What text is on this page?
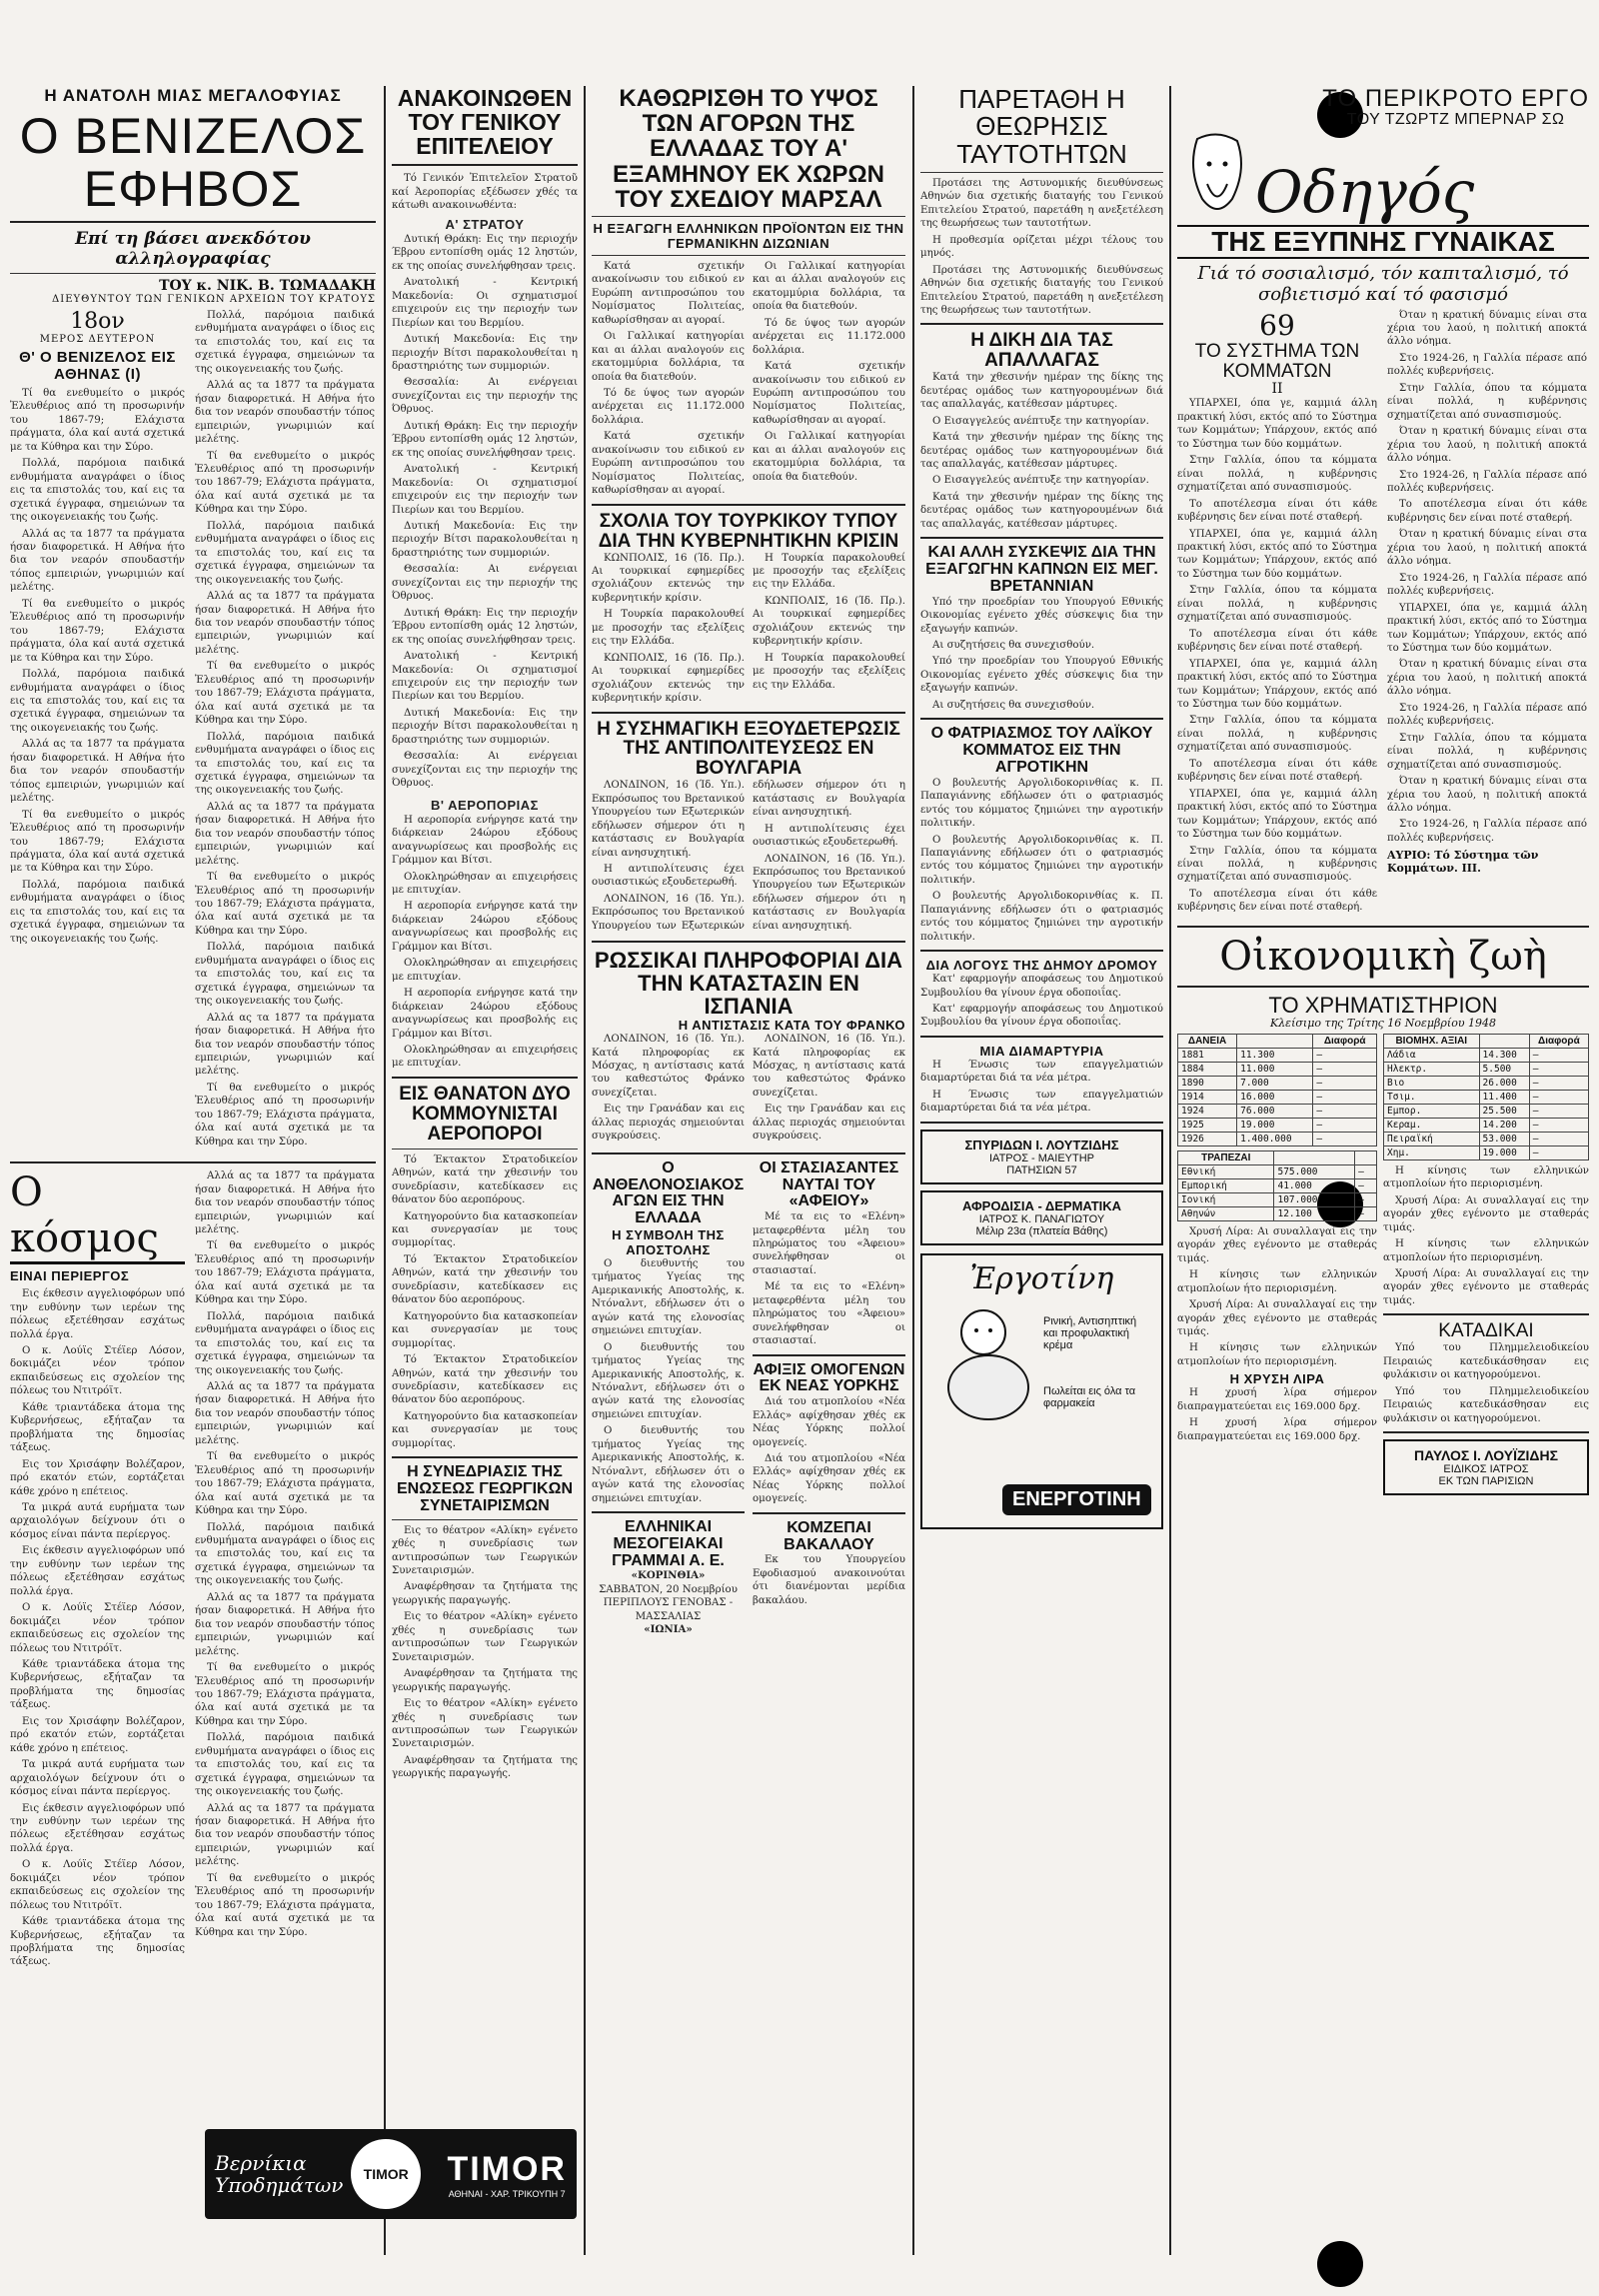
Η ΑΝΑΤΟΛΗ ΜΙΑΣ ΜΕΓΑΛΟΦΥΙΑΣ
Ο ΒΕΝΙΖΕΛΟΣ ΕΦΗΒΟΣ
Επί τη βάσει ανεκδότου αλληλογραφίας
ΤΟΥ κ. ΝΙΚ. Β. ΤΩΜΑΔΑΚΗ
ΔΙΕΥΘΥΝΤΟΥ ΤΩΝ ΓΕΝΙΚΩΝ ΑΡΧΕΙΩΝ ΤΟΥ ΚΡΑΤΟΥΣ
18ον
ΜΕΡΟΣ ΔΕΥΤΕΡΟΝ
Θ' Ο ΒΕΝΙΖΕΛΟΣ ΕΙΣ ΑΘΗΝΑΣ (I)

Τί θα ενεθυμείτο ο μικρός Ἐλευθέριος από τη προσωρινήν του 1867-79; Ελάχιστα πράγματα, όλα καί αυτά σχετικά με τα Κύθηρα και την Σύρο.

Πολλά, παρόμοια παιδικά ενθυμήματα αναγράφει ο ίδιος εις τα επιστολάς του, καί εις τα σχετικά έγγραφα, σημειώνων τα της οικογενειακής του ζωής.

Αλλά ας τα 1877 τα πράγματα ήσαν διαφορετικά. Η Αθήνα ήτο δια τον νεαρόν σπουδαστήν τόπος εμπειριών, γνωριμιών καί μελέτης.

Τί θα ενεθυμείτο ο μικρός Ἐλευθέριος από τη προσωρινήν του 1867-79; Ελάχιστα πράγματα, όλα καί αυτά σχετικά με τα Κύθηρα και την Σύρο.

Πολλά, παρόμοια παιδικά ενθυμήματα αναγράφει ο ίδιος εις τα επιστολάς του, καί εις τα σχετικά έγγραφα, σημειώνων τα της οικογενειακής του ζωής.

Αλλά ας τα 1877 τα πράγματα ήσαν διαφορετικά. Η Αθήνα ήτο δια τον νεαρόν σπουδαστήν τόπος εμπειριών, γνωριμιών καί μελέτης.

Τί θα ενεθυμείτο ο μικρός Ἐλευθέριος από τη προσωρινήν του 1867-79; Ελάχιστα πράγματα, όλα καί αυτά σχετικά με τα Κύθηρα και την Σύρο.

Πολλά, παρόμοια παιδικά ενθυμήματα αναγράφει ο ίδιος εις τα επιστολάς του, καί εις τα σχετικά έγγραφα, σημειώνων τα της οικογενειακής του ζωής.

Πολλά, παρόμοια παιδικά ενθυμήματα αναγράφει ο ίδιος εις τα επιστολάς του, καί εις τα σχετικά έγγραφα, σημειώνων τα της οικογενειακής του ζωής.

Αλλά ας τα 1877 τα πράγματα ήσαν διαφορετικά. Η Αθήνα ήτο δια τον νεαρόν σπουδαστήν τόπος εμπειριών, γνωριμιών καί μελέτης.

Τί θα ενεθυμείτο ο μικρός Ἐλευθέριος από τη προσωρινήν του 1867-79; Ελάχιστα πράγματα, όλα καί αυτά σχετικά με τα Κύθηρα και την Σύρο.

Πολλά, παρόμοια παιδικά ενθυμήματα αναγράφει ο ίδιος εις τα επιστολάς του, καί εις τα σχετικά έγγραφα, σημειώνων τα της οικογενειακής του ζωής.

Αλλά ας τα 1877 τα πράγματα ήσαν διαφορετικά. Η Αθήνα ήτο δια τον νεαρόν σπουδαστήν τόπος εμπειριών, γνωριμιών καί μελέτης.

Τί θα ενεθυμείτο ο μικρός Ἐλευθέριος από τη προσωρινήν του 1867-79; Ελάχιστα πράγματα, όλα καί αυτά σχετικά με τα Κύθηρα και την Σύρο.

Πολλά, παρόμοια παιδικά ενθυμήματα αναγράφει ο ίδιος εις τα επιστολάς του, καί εις τα σχετικά έγγραφα, σημειώνων τα της οικογενειακής του ζωής.

Αλλά ας τα 1877 τα πράγματα ήσαν διαφορετικά. Η Αθήνα ήτο δια τον νεαρόν σπουδαστήν τόπος εμπειριών, γνωριμιών καί μελέτης.

Τί θα ενεθυμείτο ο μικρός Ἐλευθέριος από τη προσωρινήν του 1867-79; Ελάχιστα πράγματα, όλα καί αυτά σχετικά με τα Κύθηρα και την Σύρο.

Πολλά, παρόμοια παιδικά ενθυμήματα αναγράφει ο ίδιος εις τα επιστολάς του, καί εις τα σχετικά έγγραφα, σημειώνων τα της οικογενειακής του ζωής.

Αλλά ας τα 1877 τα πράγματα ήσαν διαφορετικά. Η Αθήνα ήτο δια τον νεαρόν σπουδαστήν τόπος εμπειριών, γνωριμιών καί μελέτης.

Τί θα ενεθυμείτο ο μικρός Ἐλευθέριος από τη προσωρινήν του 1867-79; Ελάχιστα πράγματα, όλα καί αυτά σχετικά με τα Κύθηρα και την Σύρο.

Ο κόσμος
ΕΙΝΑΙ ΠΕΡΙΕΡΓΟΣ

Εις έκθεσιν αγγελιοφόρων υπό την ευθύνην των ιερέων της πόλεως εξετέθησαν εσχάτως πολλά έργα.

Ο κ. Λούϊς Στέϊερ Λόσον, δοκιμάζει νέον τρόπον εκπαιδεύσεως εις σχολείον της πόλεως του Ντιτρόϊτ.

Κάθε τριαντάδεκα άτομα της Κυβερνήσεως, εξήταζαν τα προβλήματα της δημοσίας τάξεως.

Εις τον Χρισάφην Βολέζαρον, πρό εκατόν ετών, εορτάζεται κάθε χρόνο η επέτειος.

Τα μικρά αυτά ευρήματα των αρχαιολόγων δείχνουν ότι ο κόσμος είναι πάντα περίεργος.

Εις έκθεσιν αγγελιοφόρων υπό την ευθύνην των ιερέων της πόλεως εξετέθησαν εσχάτως πολλά έργα.

Ο κ. Λούϊς Στέϊερ Λόσον, δοκιμάζει νέον τρόπον εκπαιδεύσεως εις σχολείον της πόλεως του Ντιτρόϊτ.

Κάθε τριαντάδεκα άτομα της Κυβερνήσεως, εξήταζαν τα προβλήματα της δημοσίας τάξεως.

Εις τον Χρισάφην Βολέζαρον, πρό εκατόν ετών, εορτάζεται κάθε χρόνο η επέτειος.

Τα μικρά αυτά ευρήματα των αρχαιολόγων δείχνουν ότι ο κόσμος είναι πάντα περίεργος.

Εις έκθεσιν αγγελιοφόρων υπό την ευθύνην των ιερέων της πόλεως εξετέθησαν εσχάτως πολλά έργα.

Ο κ. Λούϊς Στέϊερ Λόσον, δοκιμάζει νέον τρόπον εκπαιδεύσεως εις σχολείον της πόλεως του Ντιτρόϊτ.

Κάθε τριαντάδεκα άτομα της Κυβερνήσεως, εξήταζαν τα προβλήματα της δημοσίας τάξεως.

Αλλά ας τα 1877 τα πράγματα ήσαν διαφορετικά. Η Αθήνα ήτο δια τον νεαρόν σπουδαστήν τόπος εμπειριών, γνωριμιών καί μελέτης.

Τί θα ενεθυμείτο ο μικρός Ἐλευθέριος από τη προσωρινήν του 1867-79; Ελάχιστα πράγματα, όλα καί αυτά σχετικά με τα Κύθηρα και την Σύρο.

Πολλά, παρόμοια παιδικά ενθυμήματα αναγράφει ο ίδιος εις τα επιστολάς του, καί εις τα σχετικά έγγραφα, σημειώνων τα της οικογενειακής του ζωής.

Αλλά ας τα 1877 τα πράγματα ήσαν διαφορετικά. Η Αθήνα ήτο δια τον νεαρόν σπουδαστήν τόπος εμπειριών, γνωριμιών καί μελέτης.

Τί θα ενεθυμείτο ο μικρός Ἐλευθέριος από τη προσωρινήν του 1867-79; Ελάχιστα πράγματα, όλα καί αυτά σχετικά με τα Κύθηρα και την Σύρο.

Πολλά, παρόμοια παιδικά ενθυμήματα αναγράφει ο ίδιος εις τα επιστολάς του, καί εις τα σχετικά έγγραφα, σημειώνων τα της οικογενειακής του ζωής.

Αλλά ας τα 1877 τα πράγματα ήσαν διαφορετικά. Η Αθήνα ήτο δια τον νεαρόν σπουδαστήν τόπος εμπειριών, γνωριμιών καί μελέτης.

Τί θα ενεθυμείτο ο μικρός Ἐλευθέριος από τη προσωρινήν του 1867-79; Ελάχιστα πράγματα, όλα καί αυτά σχετικά με τα Κύθηρα και την Σύρο.

Πολλά, παρόμοια παιδικά ενθυμήματα αναγράφει ο ίδιος εις τα επιστολάς του, καί εις τα σχετικά έγγραφα, σημειώνων τα της οικογενειακής του ζωής.

Αλλά ας τα 1877 τα πράγματα ήσαν διαφορετικά. Η Αθήνα ήτο δια τον νεαρόν σπουδαστήν τόπος εμπειριών, γνωριμιών καί μελέτης.

Τί θα ενεθυμείτο ο μικρός Ἐλευθέριος από τη προσωρινήν του 1867-79; Ελάχιστα πράγματα, όλα καί αυτά σχετικά με τα Κύθηρα και την Σύρο.

ΑΝΑΚΟΙΝΩΘΕΝ ΤΟΥ ΓΕΝΙΚΟΥ ΕΠΙΤΕΛΕΙΟΥ

Τό Γενικόν Ἐπιτελεῖον Στρατοῦ καί Ἀεροπορίας εξέδωσεν χθές τα κάτωθι ανακοινωθέντα:

Α' ΣΤΡΑΤΟΥ

Δυτική Θράκη: Εις την περιοχήν Έβρου εντοπίσθη ομάς 12 ληστών, εκ της οποίας συνελήφθησαν τρεις.

Ανατολική - Κεντρική Μακεδονία: Οι σχηματισμοί επιχειρούν εις την περιοχήν των Πιερίων και του Βερμίου.

Δυτική Μακεδονία: Εις την περιοχήν Βίτσι παρακολουθείται η δραστηριότης των συμμοριών.

Θεσσαλία: Αι ενέργειαι συνεχίζονται εις την περιοχήν της Όθρυος.

Δυτική Θράκη: Εις την περιοχήν Έβρου εντοπίσθη ομάς 12 ληστών, εκ της οποίας συνελήφθησαν τρεις.

Ανατολική - Κεντρική Μακεδονία: Οι σχηματισμοί επιχειρούν εις την περιοχήν των Πιερίων και του Βερμίου.

Δυτική Μακεδονία: Εις την περιοχήν Βίτσι παρακολουθείται η δραστηριότης των συμμοριών.

Θεσσαλία: Αι ενέργειαι συνεχίζονται εις την περιοχήν της Όθρυος.

Δυτική Θράκη: Εις την περιοχήν Έβρου εντοπίσθη ομάς 12 ληστών, εκ της οποίας συνελήφθησαν τρεις.

Ανατολική - Κεντρική Μακεδονία: Οι σχηματισμοί επιχειρούν εις την περιοχήν των Πιερίων και του Βερμίου.

Δυτική Μακεδονία: Εις την περιοχήν Βίτσι παρακολουθείται η δραστηριότης των συμμοριών.

Θεσσαλία: Αι ενέργειαι συνεχίζονται εις την περιοχήν της Όθρυος.

Β' ΑΕΡΟΠΟΡΙΑΣ

Η αεροπορία ενήργησε κατά την διάρκειαν 24ώρου εξόδους αναγνωρίσεως και προσβολής εις Γράμμον και Βίτσι.

Ολοκληρώθησαν αι επιχειρήσεις με επιτυχίαν.

Η αεροπορία ενήργησε κατά την διάρκειαν 24ώρου εξόδους αναγνωρίσεως και προσβολής εις Γράμμον και Βίτσι.

Ολοκληρώθησαν αι επιχειρήσεις με επιτυχίαν.

Η αεροπορία ενήργησε κατά την διάρκειαν 24ώρου εξόδους αναγνωρίσεως και προσβολής εις Γράμμον και Βίτσι.

Ολοκληρώθησαν αι επιχειρήσεις με επιτυχίαν.

ΕΙΣ ΘΑΝΑΤΟΝ ΔΥΟ ΚΟΜΜΟΥΝΙΣΤΑΙ ΑΕΡΟΠΟΡΟΙ

Τό Έκτακτον Στρατοδικείον Αθηνών, κατά την χθεσινήν του συνεδρίασιν, κατεδίκασεν εις θάνατον δύο αεροπόρους.

Κατηγορούντο δια κατασκοπείαν και συνεργασίαν με τους συμμορίτας.

Τό Έκτακτον Στρατοδικείον Αθηνών, κατά την χθεσινήν του συνεδρίασιν, κατεδίκασεν εις θάνατον δύο αεροπόρους.

Κατηγορούντο δια κατασκοπείαν και συνεργασίαν με τους συμμορίτας.

Τό Έκτακτον Στρατοδικείον Αθηνών, κατά την χθεσινήν του συνεδρίασιν, κατεδίκασεν εις θάνατον δύο αεροπόρους.

Κατηγορούντο δια κατασκοπείαν και συνεργασίαν με τους συμμορίτας.

Η ΣΥΝΕΔΡΙΑΣΙΣ ΤΗΣ ΕΝΩΣΕΩΣ ΓΕΩΡΓΙΚΩΝ ΣΥΝΕΤΑΙΡΙΣΜΩΝ

Εις το θέατρον «Αλίκη» εγένετο χθές η συνεδρίασις των αντιπροσώπων των Γεωργικών Συνεταιρισμών.

Αναφέρθησαν τα ζητήματα της γεωργικής παραγωγής.

Εις το θέατρον «Αλίκη» εγένετο χθές η συνεδρίασις των αντιπροσώπων των Γεωργικών Συνεταιρισμών.

Αναφέρθησαν τα ζητήματα της γεωργικής παραγωγής.

Εις το θέατρον «Αλίκη» εγένετο χθές η συνεδρίασις των αντιπροσώπων των Γεωργικών Συνεταιρισμών.

Αναφέρθησαν τα ζητήματα της γεωργικής παραγωγής.

ΚΑΘΩΡΙΣΘΗ ΤΟ ΥΨΟΣ ΤΩΝ ΑΓΟΡΩΝ ΤΗΣ ΕΛΛΑΔΑΣ ΤΟΥ Α' ΕΞΑΜΗΝΟΥ ΕΚ ΧΩΡΩΝ ΤΟΥ ΣΧΕΔΙΟΥ ΜΑΡΣΑΛ
Η ΕΞΑΓΩΓΗ ΕΛΛΗΝΙΚΩΝ ΠΡΟΪΟΝΤΩΝ ΕΙΣ ΤΗΝ ΓΕΡΜΑΝΙΚΗΝ ΔΙΖΩΝΙΑΝ

Κατά σχετικήν ανακοίνωσιν του ειδικού εν Ευρώπη αντιπροσώπου του Νομίσματος Πολιτείας, καθωρίσθησαν αι αγοραί.

Οι Γαλλικαί κατηγορίαι και αι άλλαι αναλογούν εις εκατομμύρια δολλάρια, τα οποία θα διατεθούν.

Τό δε ύψος των αγορών ανέρχεται εις 11.172.000 δολλάρια.

Κατά σχετικήν ανακοίνωσιν του ειδικού εν Ευρώπη αντιπροσώπου του Νομίσματος Πολιτείας, καθωρίσθησαν αι αγοραί.

Οι Γαλλικαί κατηγορίαι και αι άλλαι αναλογούν εις εκατομμύρια δολλάρια, τα οποία θα διατεθούν.

Τό δε ύψος των αγορών ανέρχεται εις 11.172.000 δολλάρια.

Κατά σχετικήν ανακοίνωσιν του ειδικού εν Ευρώπη αντιπροσώπου του Νομίσματος Πολιτείας, καθωρίσθησαν αι αγοραί.

Οι Γαλλικαί κατηγορίαι και αι άλλαι αναλογούν εις εκατομμύρια δολλάρια, τα οποία θα διατεθούν.

ΣΧΟΛΙΑ ΤΟΥ ΤΟΥΡΚΙΚΟΥ ΤΥΠΟΥ ΔΙΑ ΤΗΝ ΚΥΒΕΡΝΗΤΙΚΗΝ ΚΡΙΣΙΝ

ΚΩΝΠΟΛΙΣ, 16 (Ίδ. Πρ.). Αι τουρκικαί εφημερίδες σχολιάζουν εκτενώς την κυβερνητικήν κρίσιν.

Η Τουρκία παρακολουθεί με προσοχήν τας εξελίξεις εις την Ελλάδα.

ΚΩΝΠΟΛΙΣ, 16 (Ίδ. Πρ.). Αι τουρκικαί εφημερίδες σχολιάζουν εκτενώς την κυβερνητικήν κρίσιν.

Η Τουρκία παρακολουθεί με προσοχήν τας εξελίξεις εις την Ελλάδα.

ΚΩΝΠΟΛΙΣ, 16 (Ίδ. Πρ.). Αι τουρκικαί εφημερίδες σχολιάζουν εκτενώς την κυβερνητικήν κρίσιν.

Η Τουρκία παρακολουθεί με προσοχήν τας εξελίξεις εις την Ελλάδα.

Η ΣΥΣΗΜΑΓΙΚΗ ΕΞΟΥΔΕΤΕΡΩΣΙΣ ΤΗΣ ΑΝΤΙΠΟΛΙΤΕΥΣΕΩΣ ΕΝ ΒΟΥΛΓΑΡΙΑ

ΛΟΝΔΙΝΟΝ, 16 (Ίδ. Υπ.). Εκπρόσωπος του Βρετανικού Υπουργείου των Εξωτερικών εδήλωσεν σήμερον ότι η κατάστασις εν Βουλγαρία είναι ανησυχητική.

Η αντιπολίτευσις έχει ουσιαστικώς εξουδετερωθή.

ΛΟΝΔΙΝΟΝ, 16 (Ίδ. Υπ.). Εκπρόσωπος του Βρετανικού Υπουργείου των Εξωτερικών εδήλωσεν σήμερον ότι η κατάστασις εν Βουλγαρία είναι ανησυχητική.

Η αντιπολίτευσις έχει ουσιαστικώς εξουδετερωθή.

ΛΟΝΔΙΝΟΝ, 16 (Ίδ. Υπ.). Εκπρόσωπος του Βρετανικού Υπουργείου των Εξωτερικών εδήλωσεν σήμερον ότι η κατάστασις εν Βουλγαρία είναι ανησυχητική.

ΡΩΣΣΙΚΑΙ ΠΛΗΡΟΦΟΡΙΑΙ ΔΙΑ ΤΗΝ ΚΑΤΑΣΤΑΣΙΝ ΕΝ ΙΣΠΑΝΙΑ
Η ΑΝΤΙΣΤΑΣΙΣ ΚΑΤΑ ΤΟΥ ΦΡΑΝΚΟ

ΛΟΝΔΙΝΟΝ, 16 (Ίδ. Υπ.). Κατά πληροφορίας εκ Μόσχας, η αντίστασις κατά του καθεστώτος Φράνκο συνεχίζεται.

Εις την Γρανάδαν και εις άλλας περιοχάς σημειούνται συγκρούσεις.

ΛΟΝΔΙΝΟΝ, 16 (Ίδ. Υπ.). Κατά πληροφορίας εκ Μόσχας, η αντίστασις κατά του καθεστώτος Φράνκο συνεχίζεται.

Εις την Γρανάδαν και εις άλλας περιοχάς σημειούνται συγκρούσεις.

Ο ΑΝΘΕΛΟΝΟΣΙΑΚΟΣ ΑΓΩΝ ΕΙΣ ΤΗΝ ΕΛΛΑΔΑ
Η ΣΥΜΒΟΛΗ ΤΗΣ ΑΠΟΣΤΟΛΗΣ

Ο διευθυντής του τμήματος Υγείας της Αμερικανικής Αποστολής, κ. Ντόναλντ, εδήλωσεν ότι ο αγών κατά της ελονοσίας σημειώνει επιτυχίαν.

Ο διευθυντής του τμήματος Υγείας της Αμερικανικής Αποστολής, κ. Ντόναλντ, εδήλωσεν ότι ο αγών κατά της ελονοσίας σημειώνει επιτυχίαν.

Ο διευθυντής του τμήματος Υγείας της Αμερικανικής Αποστολής, κ. Ντόναλντ, εδήλωσεν ότι ο αγών κατά της ελονοσίας σημειώνει επιτυχίαν.

ΕΛΛΗΝΙΚΑΙ ΜΕΣΟΓΕΙΑΚΑΙ ΓΡΑΜΜΑΙ Α. Ε.
«ΚΟΡΙΝΘΙΑ»
ΣΑΒΒΑΤΟΝ, 20 Νοεμβρίου
ΠΕΡΙΠΛΟΥΣ ΓΕΝΟΒΑΣ - ΜΑΣΣΑΛΙΑΣ
«ΙΩΝΙΑ»
ΟΙ ΣΤΑΣΙΑΣΑΝΤΕΣ ΝΑΥΤΑΙ ΤΟΥ «ΑΦΕΙΟΥ»

Μέ τα εις το «Ελένη» μεταφερθέντα μέλη του πληρώματος του «Άφειου» συνελήφθησαν οι στασιασταί.

Μέ τα εις το «Ελένη» μεταφερθέντα μέλη του πληρώματος του «Άφειου» συνελήφθησαν οι στασιασταί.

ΑΦΙΞΙΣ ΟΜΟΓΕΝΩΝ ΕΚ ΝΕΑΣ ΥΟΡΚΗΣ

Διά του ατμοπλοίου «Νέα Ελλάς» αφίχθησαν χθές εκ Νέας Υόρκης πολλοί ομογενείς.

Διά του ατμοπλοίου «Νέα Ελλάς» αφίχθησαν χθές εκ Νέας Υόρκης πολλοί ομογενείς.

ΚΟΜΖΕΠΑΙ ΒΑΚΑΛΑΟΥ

Εκ του Υπουργείου Εφοδιασμού ανακοινούται ότι διανέμονται μερίδια βακαλάου.

ΠΑΡΕΤΑΘΗ Η ΘΕΩΡΗΣΙΣ ΤΑΥΤΟΤΗΤΩΝ

Προτάσει της Αστυνομικής διευθύνσεως Αθηνών δια σχετικής διαταγής του Γενικού Επιτελείου Στρατού, παρετάθη η ανεξετέλεση της θεωρήσεως των ταυτοτήτων.

Η προθεσμία ορίζεται μέχρι τέλους του μηνός.

Προτάσει της Αστυνομικής διευθύνσεως Αθηνών δια σχετικής διαταγής του Γενικού Επιτελείου Στρατού, παρετάθη η ανεξετέλεση της θεωρήσεως των ταυτοτήτων.

Η ΔΙΚΗ ΔΙΑ ΤΑΣ ΑΠΑΛΛΑΓΑΣ

Κατά την χθεσινήν ημέραν της δίκης της δευτέρας ομάδος των κατηγορουμένων διά τας απαλλαγάς, κατέθεσαν μάρτυρες.

Ο Εισαγγελεύς ανέπτυξε την κατηγορίαν.

Κατά την χθεσινήν ημέραν της δίκης της δευτέρας ομάδος των κατηγορουμένων διά τας απαλλαγάς, κατέθεσαν μάρτυρες.

Ο Εισαγγελεύς ανέπτυξε την κατηγορίαν.

Κατά την χθεσινήν ημέραν της δίκης της δευτέρας ομάδος των κατηγορουμένων διά τας απαλλαγάς, κατέθεσαν μάρτυρες.

ΚΑΙ ΑΛΛΗ ΣΥΣΚΕΨΙΣ ΔΙΑ ΤΗΝ ΕΞΑΓΩΓΗΝ ΚΑΠΝΩΝ ΕΙΣ ΜΕΓ. ΒΡΕΤΑΝΝΙΑΝ

Υπό την προεδρίαν του Υπουργού Εθνικής Οικονομίας εγένετο χθές σύσκεψις δια την εξαγωγήν καπνών.

Αι συζητήσεις θα συνεχισθούν.

Υπό την προεδρίαν του Υπουργού Εθνικής Οικονομίας εγένετο χθές σύσκεψις δια την εξαγωγήν καπνών.

Αι συζητήσεις θα συνεχισθούν.

Ο ΦΑΤΡΙΑΣΜΟΣ ΤΟΥ ΛΑΪΚΟΥ ΚΟΜΜΑΤΟΣ ΕΙΣ ΤΗΝ ΑΓΡΟΤΙΚΗΝ

Ο βουλευτής Αργολιδοκορινθίας κ. Π. Παπαγιάννης εδήλωσεν ότι ο φατριασμός εντός του κόμματος ζημιώνει την αγροτικήν πολιτικήν.

Ο βουλευτής Αργολιδοκορινθίας κ. Π. Παπαγιάννης εδήλωσεν ότι ο φατριασμός εντός του κόμματος ζημιώνει την αγροτικήν πολιτικήν.

Ο βουλευτής Αργολιδοκορινθίας κ. Π. Παπαγιάννης εδήλωσεν ότι ο φατριασμός εντός του κόμματος ζημιώνει την αγροτικήν πολιτικήν.

ΔΙΑ ΛΟΓΟΥΣ ΤΗΣ ΔΗΜΟΥ ΔΡΟΜΟΥ

Κατ' εφαρμογήν αποφάσεως του Δημοτικού Συμβουλίου θα γίνουν έργα οδοποιΐας.

Κατ' εφαρμογήν αποφάσεως του Δημοτικού Συμβουλίου θα γίνουν έργα οδοποιΐας.

ΜΙΑ ΔΙΑΜΑΡΤΥΡΙΑ

Η Ένωσις των επαγγελματιών διαμαρτύρεται διά τα νέα μέτρα.

Η Ένωσις των επαγγελματιών διαμαρτύρεται διά τα νέα μέτρα.

ΣΠΥΡΙΔΩΝ Ι. ΛΟΥΤΖΙΔΗΣ
ΙΑΤΡΟΣ - ΜΑΙΕΥΤΗΡ
ΠΑΤΗΣΙΩΝ 57
ΑΦΡΟΔΙΣΙΑ - ΔΕΡΜΑΤΙΚΑ
ΙΑΤΡΟΣ Κ. ΠΑΝΑΓΙΩΤΟΥ
Μέλιρ 23α (πλατεία Βάθης)
Ἐργοτίνη
Ρινική, Αντισηπτική και προφυλακτική κρέμα
Πωλείται εις όλα τα φαρμακεία
ΕΝΕΡΓΟΤΙΝΗ
ΤΟ ΠΕΡΙΚΡΟΤΟ ΕΡΓΟ
ΤΟΥ ΤΖΩΡΤΖ ΜΠΕΡΝΑΡ ΣΩ
Οδηγός
ΤΗΣ ΕΞΥΠΝΗΣ ΓΥΝΑΙΚΑΣ
Γιά τό σοσιαλισμό, τόν καπιταλισμό, τό σοβιετισμό καί τό φασισμό
69
ΤΟ ΣΥΣΤΗΜΑ ΤΩΝ ΚΟΜΜΑΤΩΝ
ΙΙ

ΥΠΑΡΧΕΙ, όπα γε, καμμιά άλλη πρακτική λύσι, εκτός από το Σύστημα των Κομμάτων; Υπάρχουν, εκτός από το Σύστημα των δύο κομμάτων.

Στην Γαλλία, όπου τα κόμματα είναι πολλά, η κυβέρνησις σχηματίζεται από συνασπισμούς.

Το αποτέλεσμα είναι ότι κάθε κυβέρνησις δεν είναι ποτέ σταθερή.

ΥΠΑΡΧΕΙ, όπα γε, καμμιά άλλη πρακτική λύσι, εκτός από το Σύστημα των Κομμάτων; Υπάρχουν, εκτός από το Σύστημα των δύο κομμάτων.

Στην Γαλλία, όπου τα κόμματα είναι πολλά, η κυβέρνησις σχηματίζεται από συνασπισμούς.

Το αποτέλεσμα είναι ότι κάθε κυβέρνησις δεν είναι ποτέ σταθερή.

ΥΠΑΡΧΕΙ, όπα γε, καμμιά άλλη πρακτική λύσι, εκτός από το Σύστημα των Κομμάτων; Υπάρχουν, εκτός από το Σύστημα των δύο κομμάτων.

Στην Γαλλία, όπου τα κόμματα είναι πολλά, η κυβέρνησις σχηματίζεται από συνασπισμούς.

Το αποτέλεσμα είναι ότι κάθε κυβέρνησις δεν είναι ποτέ σταθερή.

ΥΠΑΡΧΕΙ, όπα γε, καμμιά άλλη πρακτική λύσι, εκτός από το Σύστημα των Κομμάτων; Υπάρχουν, εκτός από το Σύστημα των δύο κομμάτων.

Στην Γαλλία, όπου τα κόμματα είναι πολλά, η κυβέρνησις σχηματίζεται από συνασπισμούς.

Το αποτέλεσμα είναι ότι κάθε κυβέρνησις δεν είναι ποτέ σταθερή.

Όταν η κρατική δύναμις είναι στα χέρια του λαού, η πολιτική αποκτά άλλο νόημα.

Στο 1924-26, η Γαλλία πέρασε από πολλές κυβερνήσεις.

Στην Γαλλία, όπου τα κόμματα είναι πολλά, η κυβέρνησις σχηματίζεται από συνασπισμούς.

Όταν η κρατική δύναμις είναι στα χέρια του λαού, η πολιτική αποκτά άλλο νόημα.

Στο 1924-26, η Γαλλία πέρασε από πολλές κυβερνήσεις.

Το αποτέλεσμα είναι ότι κάθε κυβέρνησις δεν είναι ποτέ σταθερή.

Όταν η κρατική δύναμις είναι στα χέρια του λαού, η πολιτική αποκτά άλλο νόημα.

Στο 1924-26, η Γαλλία πέρασε από πολλές κυβερνήσεις.

ΥΠΑΡΧΕΙ, όπα γε, καμμιά άλλη πρακτική λύσι, εκτός από το Σύστημα των Κομμάτων; Υπάρχουν, εκτός από το Σύστημα των δύο κομμάτων.

Όταν η κρατική δύναμις είναι στα χέρια του λαού, η πολιτική αποκτά άλλο νόημα.

Στο 1924-26, η Γαλλία πέρασε από πολλές κυβερνήσεις.

Στην Γαλλία, όπου τα κόμματα είναι πολλά, η κυβέρνησις σχηματίζεται από συνασπισμούς.

Όταν η κρατική δύναμις είναι στα χέρια του λαού, η πολιτική αποκτά άλλο νόημα.

Στο 1924-26, η Γαλλία πέρασε από πολλές κυβερνήσεις.

ΑΥΡΙΟ: Τό Σύστημα τῶν Κομμάτων. ΙΙΙ.
Οἰκονομικὴ ζωὴ
ΤΟ ΧΡΗΜΑΤΙΣΤΗΡΙΟΝ
Κλείσιμο της Τρίτης 16 Νοεμβρίου 1948
ΔΑΝΕΙΑ		Διαφορά
1881	11.300	—
1884	11.000	—
1890	7.000	—
1914	16.000	—
1924	76.000	—
1925	19.000	—
1926	1.400.000	—
ΤΡΑΠΕΖΑΙ		
Εθνική	575.000	—
Εμπορική	41.000	—
Ιονική	107.000	—
Αθηνών	12.100	—

Χρυσή Λίρα: Αι συναλλαγαί εις την αγοράν χθες εγένοντο με σταθεράς τιμάς.

Η κίνησις των ελληνικών ατμοπλοίων ήτο περιορισμένη.

Χρυσή Λίρα: Αι συναλλαγαί εις την αγοράν χθες εγένοντο με σταθεράς τιμάς.

Η κίνησις των ελληνικών ατμοπλοίων ήτο περιορισμένη.

Η ΧΡΥΣΗ ΛΙΡΑ

Η χρυσή λίρα σήμερον διαπραγματεύεται εις 169.000 δρχ.

Η χρυσή λίρα σήμερον διαπραγματεύεται εις 169.000 δρχ.

ΒΙΟΜΗΧ. ΑΞΙΑΙ		Διαφορά
Λάδια	14.300	—
Ηλεκτρ.	5.500	—
Βιο	26.000	—
Τσιμ.	11.400	—
Εμπορ.	25.500	—
Κεραμ.	14.200	—
Πειραϊκή	53.000	—
Χημ.	19.000	—

Η κίνησις των ελληνικών ατμοπλοίων ήτο περιορισμένη.

Χρυσή Λίρα: Αι συναλλαγαί εις την αγοράν χθες εγένοντο με σταθεράς τιμάς.

Η κίνησις των ελληνικών ατμοπλοίων ήτο περιορισμένη.

Χρυσή Λίρα: Αι συναλλαγαί εις την αγοράν χθες εγένοντο με σταθεράς τιμάς.

ΚΑΤΑΔΙΚΑΙ

Υπό του Πλημμελειοδικείου Πειραιώς κατεδικάσθησαν εις φυλάκισιν οι κατηγορούμενοι.

Υπό του Πλημμελειοδικείου Πειραιώς κατεδικάσθησαν εις φυλάκισιν οι κατηγορούμενοι.

ΠΑΥΛΟΣ Ι. ΛΟΥΪΖΙΔΗΣ
ΕΙΔΙΚΟΣ ΙΑΤΡΟΣ
ΕΚ ΤΩΝ ΠΑΡΙΣΙΩΝ
Βερνίκια Υποδημάτων	TIMOR	TIMOR
ΑΘΗΝΑΙ - ΧΑΡ. ΤΡΙΚΟΥΠΗ 7
